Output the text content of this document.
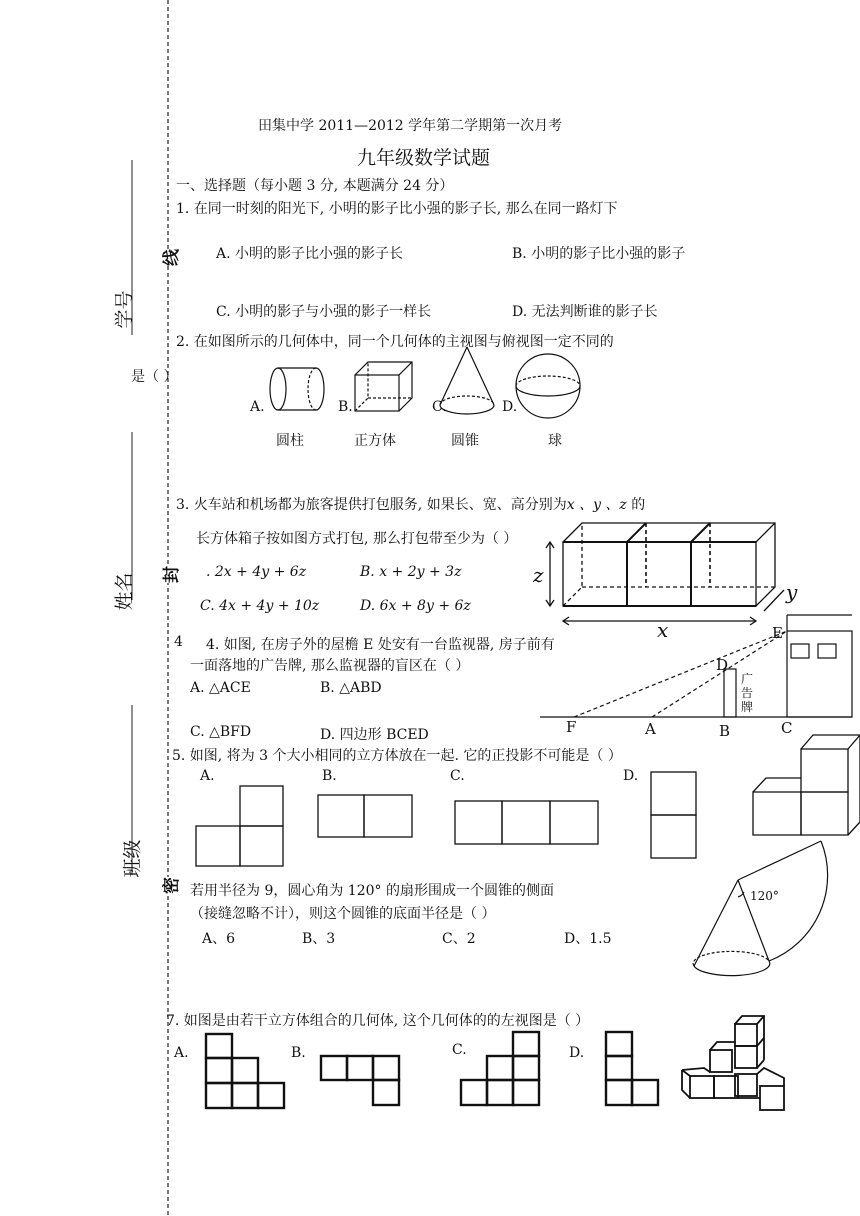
学号
姓名
班级
线
封
密
田集中学 2011—2012 学年第二学期第一次月考
九年级数学试题
一、选择题（每小题 3 分, 本题满分 24 分）
1. 在同一时刻的阳光下, 小明的影子比小强的影子长, 那么在同一路灯下
A. 小明的影子比小强的影子长	B. 小明的影子比小强的影子
C. 小明的影子与小强的影子一样长	D. 无法判断谁的影子长
2. 在如图所示的几何体中，同一个几何体的主视图与俯视图一定不同的
是（ ）
A.	B.	C.	D.
圆柱	正方体	圆锥	球
3. 火车站和机场都为旅客提供打包服务, 如果长、宽、高分别为x 、y 、z 的
长方体箱子按如图方式打包, 那么打包带至少为（ ）
. 2x + 4y + 6z	B. x + 2y + 3z
C. 4x + 4y + 10z	D. 6x + 8y + 6z
z
x
y
4 4. 如图, 在房子外的屋檐 E 处安有一台监视器, 房子前有
一面落地的广告牌, 那么监视器的盲区在（ ）
A. △ACE	B. △ABD
C. △BFD	D. 四边形 BCED
E
D
F	A	B	C
广告牌
5. 如图, 将为 3 个大小相同的立方体放在一起. 它的正投影不可能是（ ）
A.	B.	C.	D.
若用半径为 9，圆心角为 120° 的扇形围成一个圆锥的侧面
（接缝忽略不计），则这个圆锥的底面半径是（ ）
A、6	B、3	C、2	D、1.5
120°
7. 如图是由若干立方体组合的几何体, 这个几何体的的左视图是（ ）
A.	B.	C.	D.
